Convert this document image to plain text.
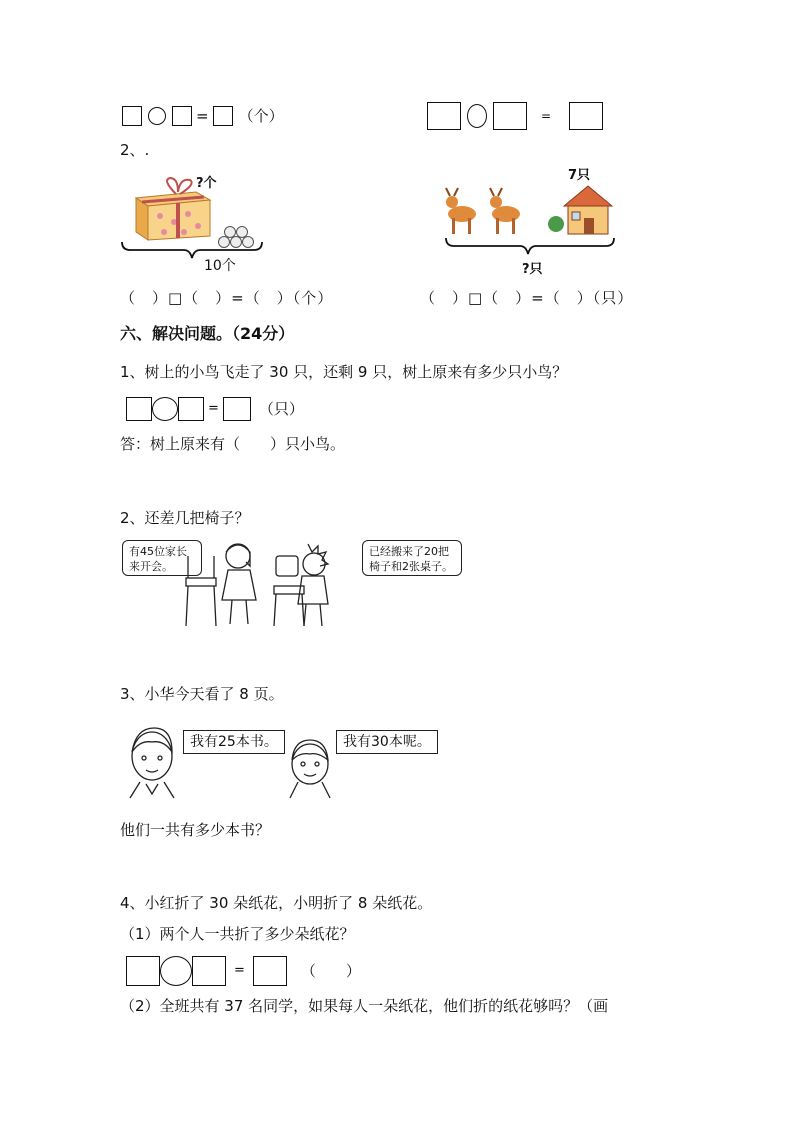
= （个）	=
2、.
?个
10个
7只
?只
（　）□（　）=（　）（个）	（　）□（　）=（　）（只）
六、解决问题。（24分）
1、树上的小鸟飞走了 30 只，还剩 9 只，树上原来有多少只小鸟？
=	（只）
答：树上原来有（　　）只小鸟。
2、还差几把椅子？
有45位家长来开会。
已经搬来了20把椅子和2张桌子。
3、小华今天看了 8 页。
我有25本书。	我有30本呢。
他们一共有多少本书？
4、小红折了 30 朵纸花，小明折了 8 朵纸花。
（1）两个人一共折了多少朵纸花？
=	（　　）
（2）全班共有 37 名同学，如果每人一朵纸花，他们折的纸花够吗？（画
